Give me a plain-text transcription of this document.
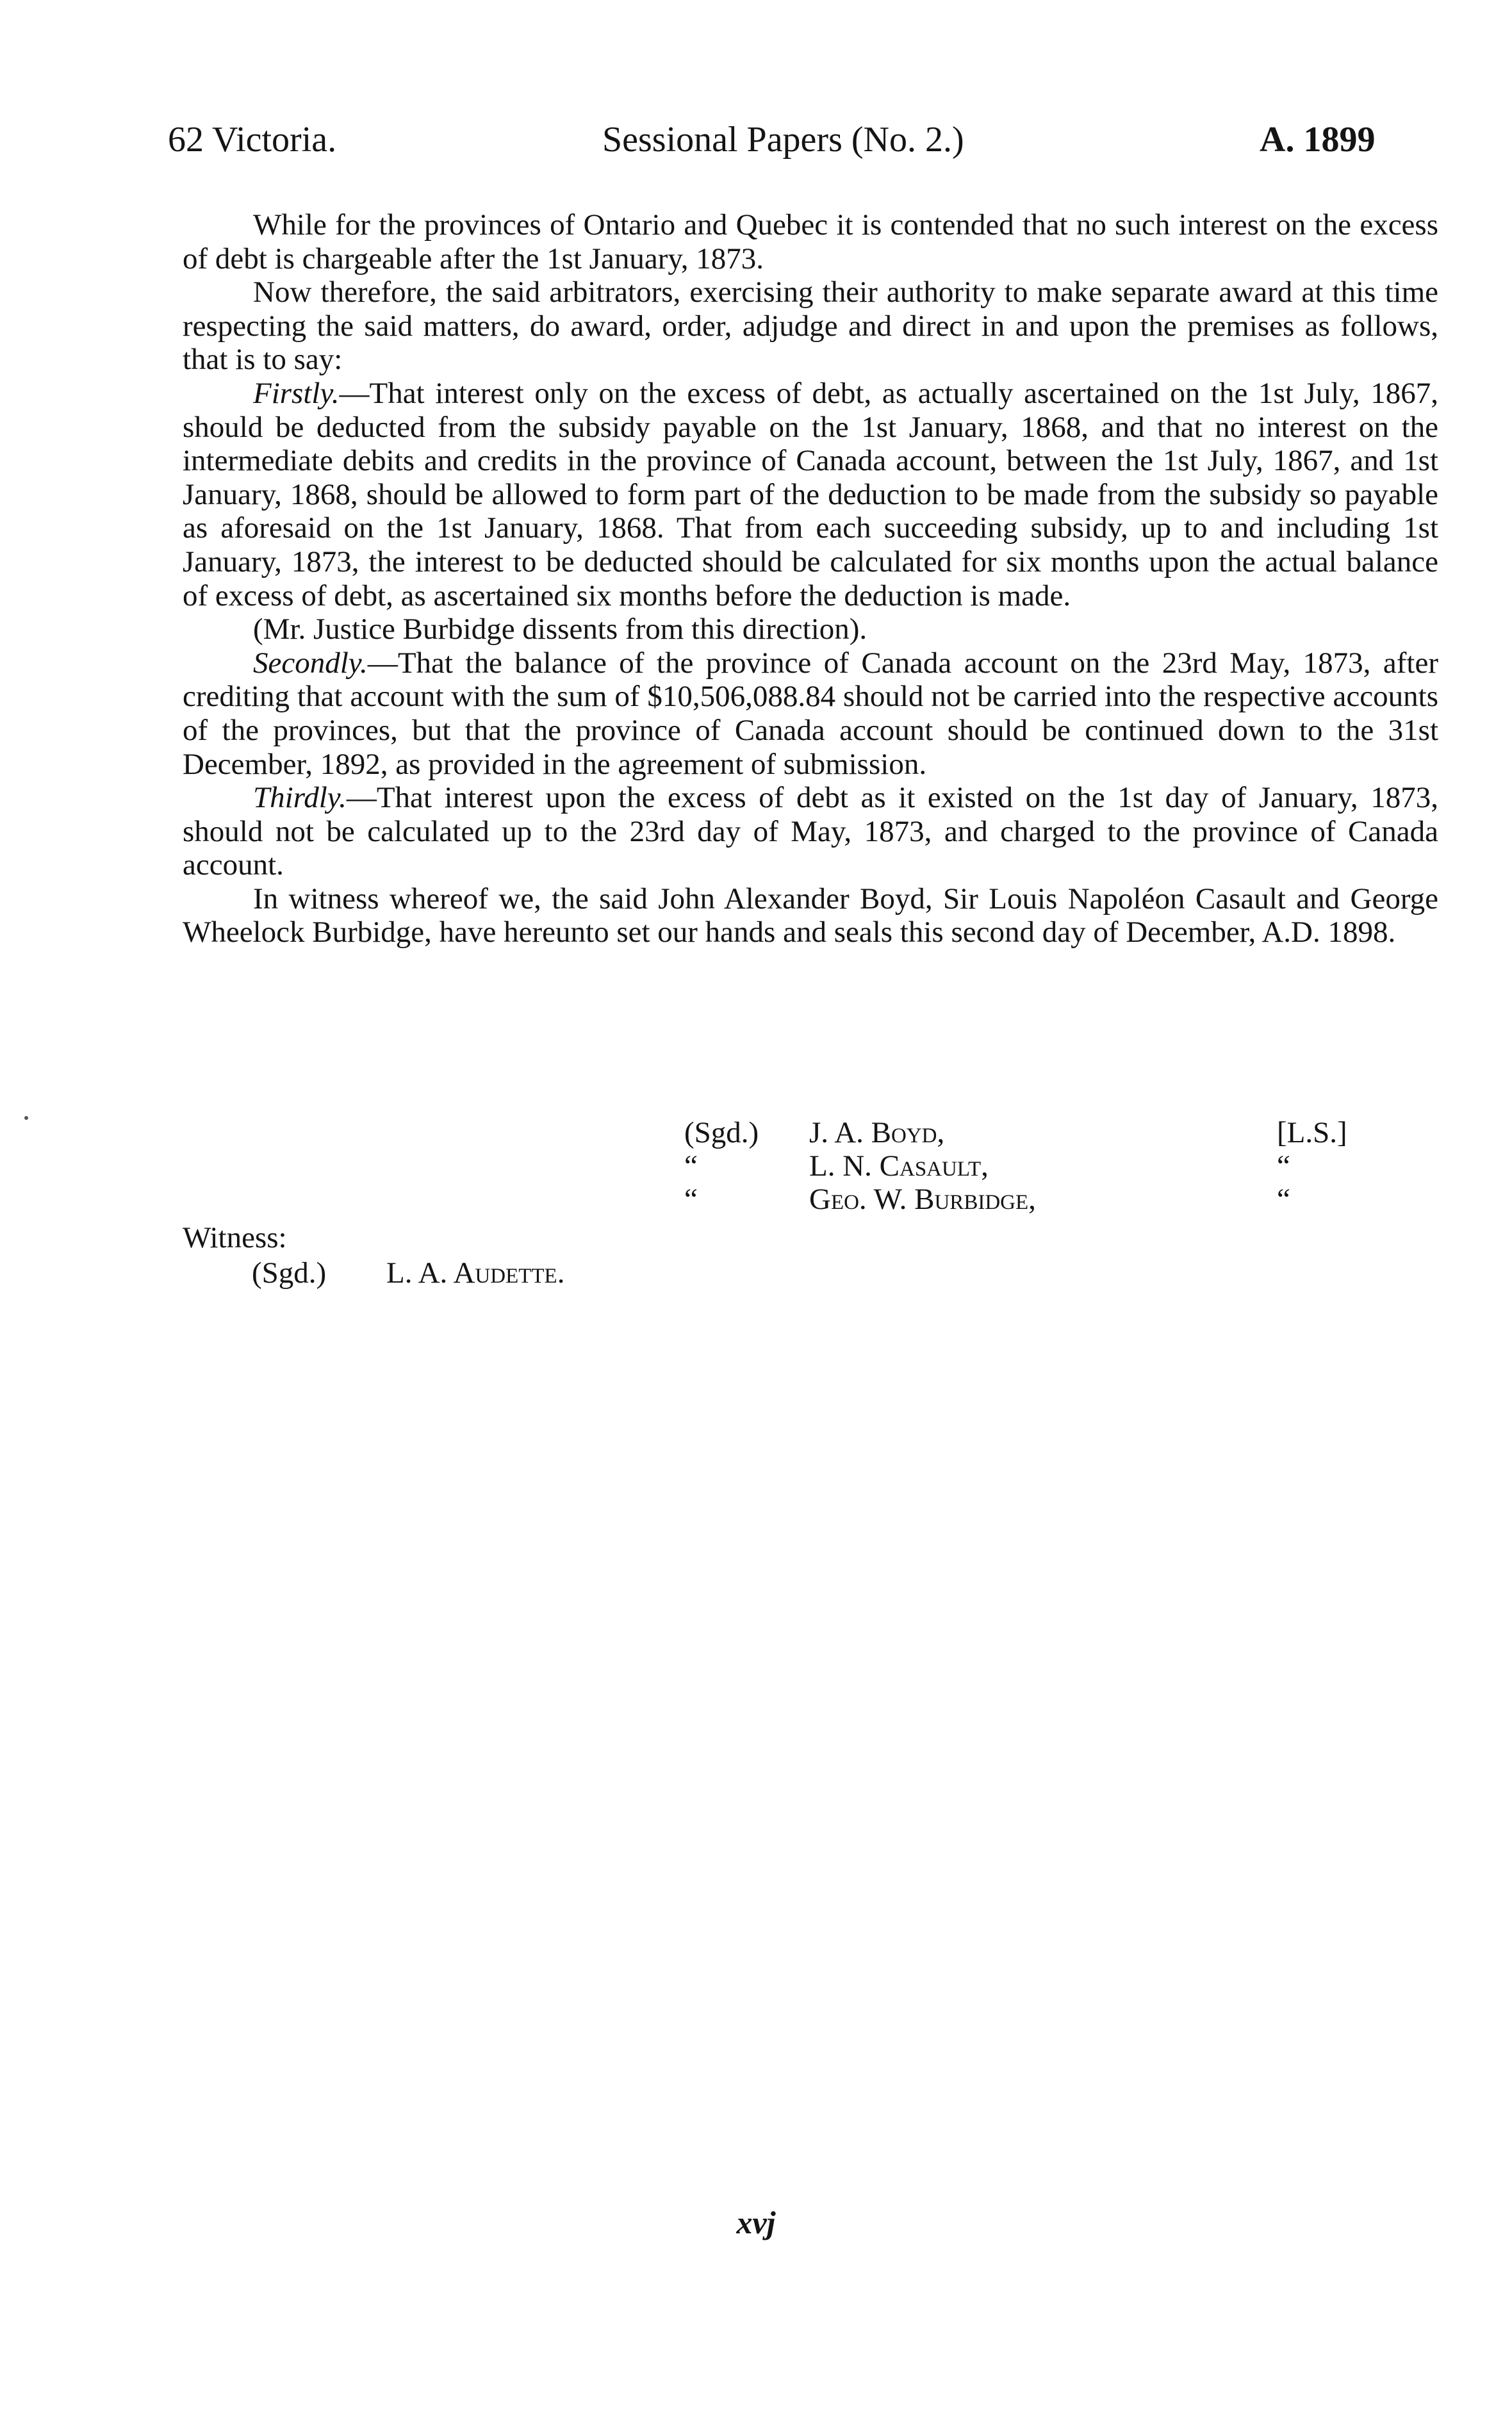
62 Victoria.	Sessional Papers (No. 2.)	A. 1899

While for the provinces of Ontario and Quebec it is contended that no such interest on the excess of debt is chargeable after the 1st January, 1873.

Now therefore, the said arbitrators, exercising their authority to make separate award at this time respecting the said matters, do award, order, adjudge and direct in and upon the premises as follows, that is to say:

Firstly.—That interest only on the excess of debt, as actually ascertained on the 1st July, 1867, should be deducted from the subsidy payable on the 1st January, 1868, and that no interest on the intermediate debits and credits in the province of Canada account, between the 1st July, 1867, and 1st January, 1868, should be allowed to form part of the deduction to be made from the subsidy so payable as aforesaid on the 1st January, 1868. That from each succeeding subsidy, up to and including 1st January, 1873, the interest to be deducted should be calculated for six months upon the actual balance of excess of debt, as ascertained six months before the deduction is made.

(Mr. Justice Burbidge dissents from this direction).

Secondly.—That the balance of the province of Canada account on the 23rd May, 1873, after crediting that account with the sum of $10,506,088.84 should not be carried into the respective accounts of the provinces, but that the province of Canada account should be continued down to the 31st December, 1892, as provided in the agreement of submission.

Thirdly.—That interest upon the excess of debt as it existed on the 1st day of January, 1873, should not be calculated up to the 23rd day of May, 1873, and charged to the province of Canada account.

In witness whereof we, the said John Alexander Boyd, Sir Louis Napoléon Casault and George Wheelock Burbidge, have hereunto set our hands and seals this second day of December, A.D. 1898.

(Sgd.) J. A. Boyd,	[L.S.]
“	L. N. Casault,	“
“	Geo. W. Burbidge,	“
Witness:
(Sgd.) L. A. Audette.
xvj
